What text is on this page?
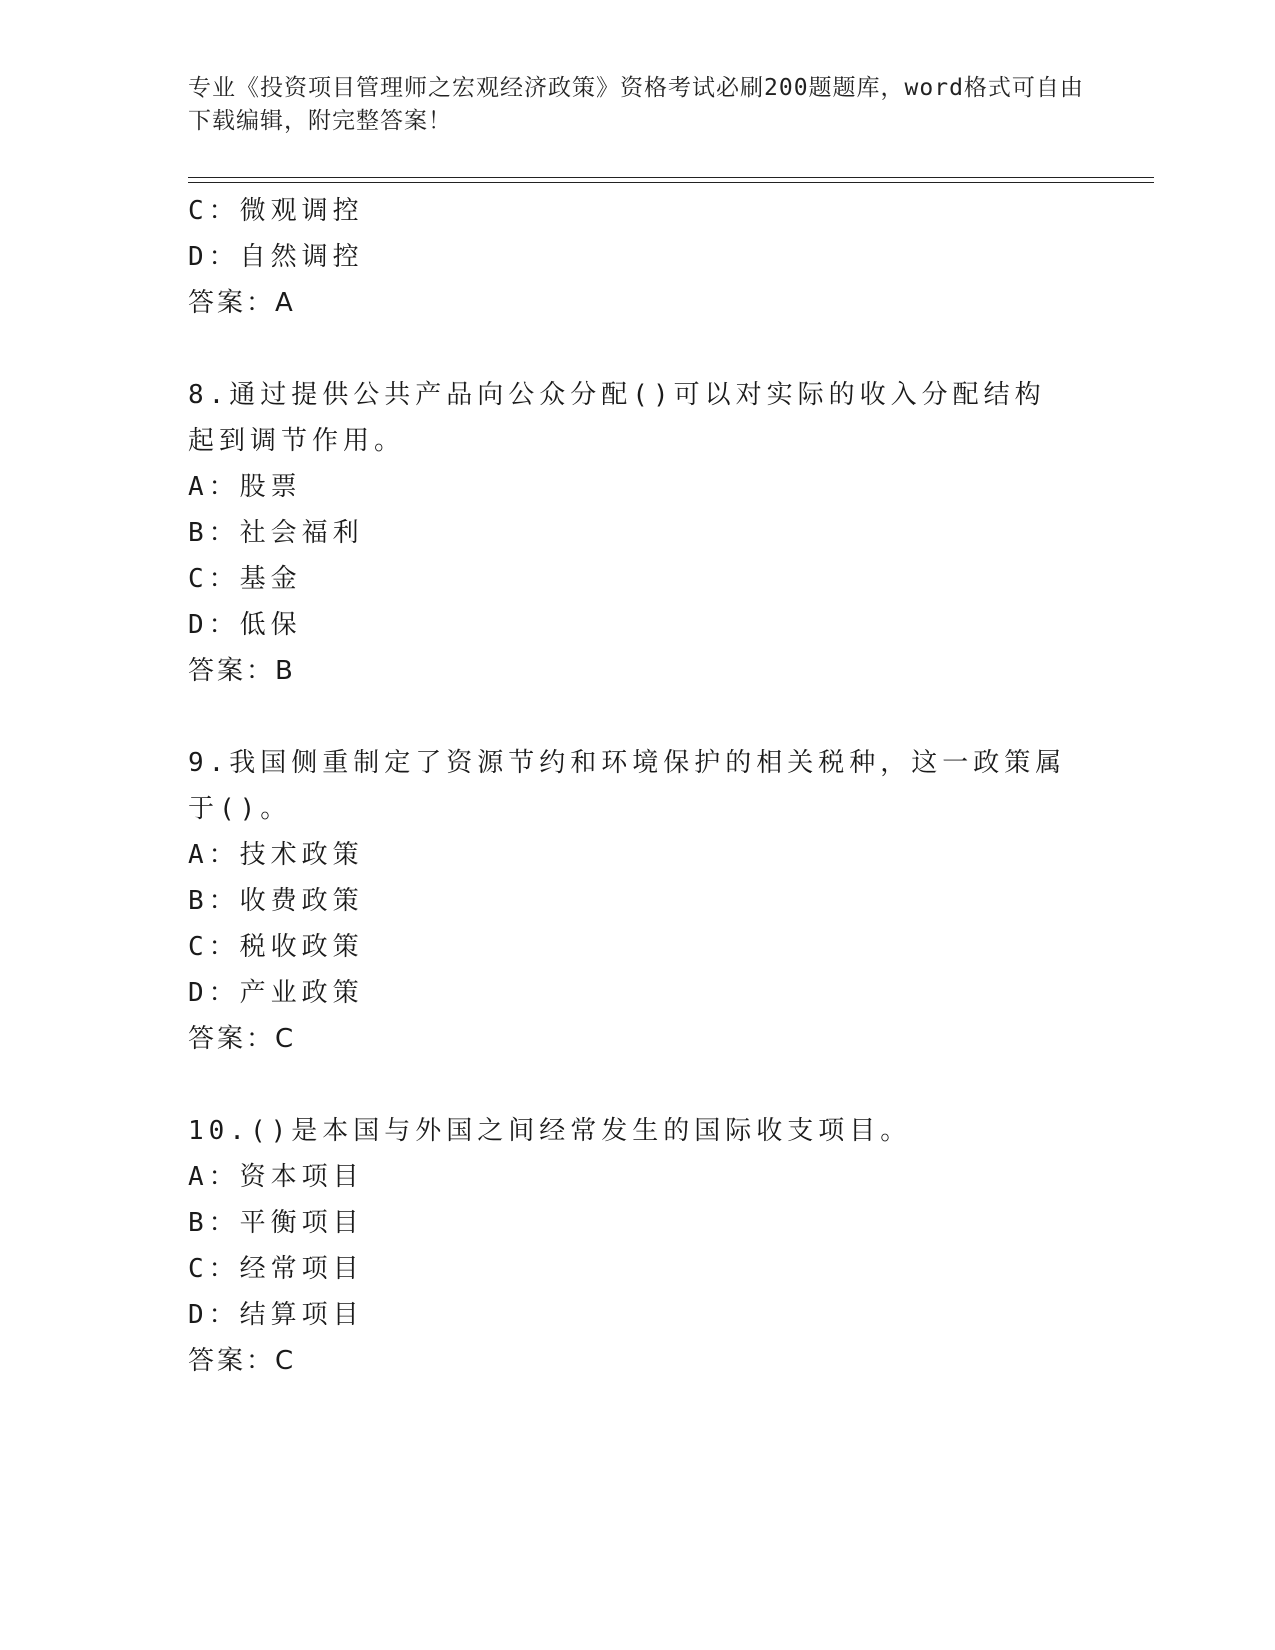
专业《投资项目管理师之宏观经济政策》资格考试必刷200题题库，word格式可自由下载编辑，附完整答案！
C：微观调控
D：自然调控
答案：A
8.通过提供公共产品向公众分配()可以对实际的收入分配结构起到调节作用。
A：股票
B：社会福利
C：基金
D：低保
答案：B
9.我国侧重制定了资源节约和环境保护的相关税种，这一政策属于()。
A：技术政策
B：收费政策
C：税收政策
D：产业政策
答案：C
10.()是本国与外国之间经常发生的国际收支项目。
A：资本项目
B：平衡项目
C：经常项目
D：结算项目
答案：C
